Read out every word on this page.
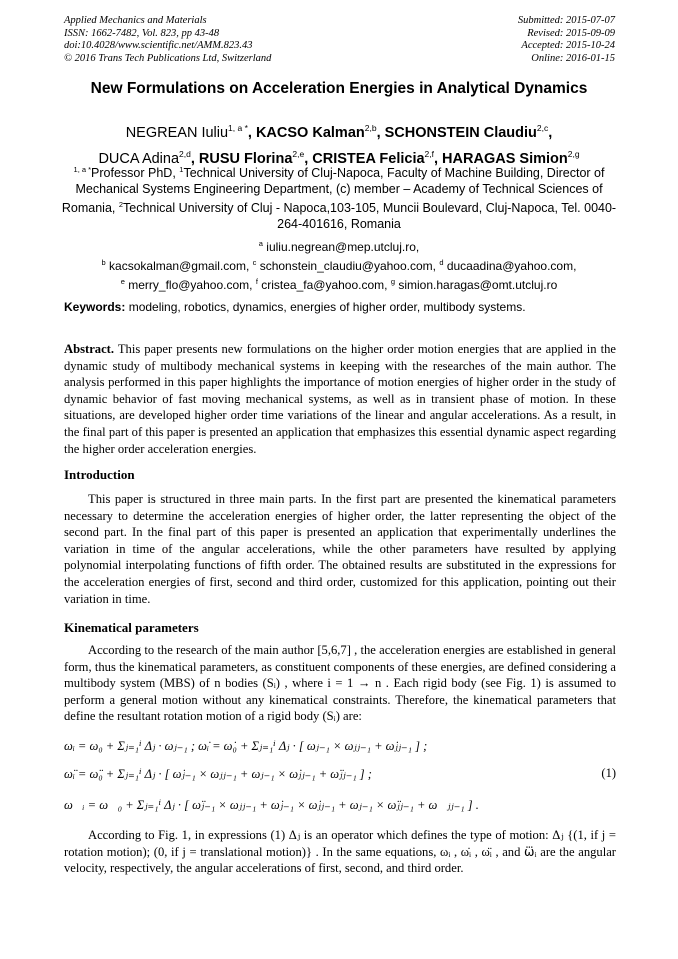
Applied Mechanics and Materials
ISSN: 1662-7482, Vol. 823, pp 43-48
doi:10.4028/www.scientific.net/AMM.823.43
© 2016 Trans Tech Publications Ltd, Switzerland
Submitted: 2015-07-07
Revised: 2015-09-09
Accepted: 2015-10-24
Online: 2016-01-15
New Formulations on Acceleration Energies in Analytical Dynamics
NEGREAN Iuliu$^{1, a *}$, KACSO Kalman$^{2,b}$, SCHONSTEIN Claudiu$^{2,c}$,
DUCA Adina$^{2,d}$, RUSU Florina$^{2,e}$, CRISTEA Felicia$^{2,f}$, HARAGAS Simion$^{2,g}$
$^{1, a *}$Professor PhD, $^1$Technical University of Cluj-Napoca, Faculty of Machine Building, Director of Mechanical Systems Engineering Department, (c) member – Academy of Technical Sciences of Romania, $^2$Technical University of Cluj - Napoca,103-105, Muncii Boulevard, Cluj-Napoca, Tel. 0040-264-401616, Romania
$^a$ iuliu.negrean@mep.utcluj.ro,
$^b$ kacsokalman@gmail.com, $^c$ schonstein_claudiu@yahoo.com, $^d$ ducaadina@yahoo.com,
$^e$ merry_flo@yahoo.com, $^f$ cristea_fa@yahoo.com, $^g$ simion.haragas@omt.utcluj.ro
Keywords: modeling, robotics, dynamics, energies of higher order, multibody systems.
Abstract. This paper presents new formulations on the higher order motion energies that are applied in the dynamic study of multibody mechanical systems in keeping with the researches of the main author. The analysis performed in this paper highlights the importance of motion energies of higher order in the study of dynamic behavior of fast moving mechanical systems, as well as in transient phase of motion. In these situations, are developed higher order time variations of the linear and angular accelerations. As a result, in the final part of this paper is presented an application that emphasizes this essential dynamic aspect regarding the higher order acceleration energies.
Introduction
This paper is structured in three main parts. In the first part are presented the kinematical parameters necessary to determine the acceleration energies of higher order, the latter representing the object of the second part. In the final part of this paper is presented an application that experimentally underlines the variation in time of the angular accelerations, while the other parameters have resulted by applying polynomial interpolating functions of fifth order. The obtained results are substituted in the expressions for the acceleration energies of first, second and third order, customized for this application, pointing out their variation in time.
Kinematical parameters
According to the research of the main author [5,6,7] , the acceleration energies are established in general form, thus the kinematical parameters, as constituent components of these energies, are defined considering a multibody system (MBS) of n bodies (Sᵢ) , where i = 1 → n . Each rigid body (see Fig. 1) is assumed to perform a general motion without any kinematical constraints. Therefore, the kinematical parameters that define the resultant rotation motion of a rigid body (Sᵢ) are:
ωᵢ = ω₀ + Σⱼ₌₁ⁱ Δⱼ · ωⱼ₋₁ ; ω̇ᵢ = ω̇₀ + Σⱼ₌₁ⁱ Δⱼ · [ ωⱼ₋₁ × ωⱼⱼ₋₁ + ω̇ⱼⱼ₋₁ ] ;
ω̈ᵢ = ω̈₀ + Σⱼ₌₁ⁱ Δⱼ · [ ω̇ⱼ₋₁ × ωⱼⱼ₋₁ + ωⱼ₋₁ × ω̇ⱼⱼ₋₁ + ω̈ⱼⱼ₋₁ ] ;	(1)
ω⃛ᵢ = ω⃛₀ + Σⱼ₌₁ⁱ Δⱼ · [ ω̈ⱼ₋₁ × ωⱼⱼ₋₁ + ω̇ⱼ₋₁ × ω̇ⱼⱼ₋₁ + ωⱼ₋₁ × ω̈ⱼⱼ₋₁ + ω⃛ⱼⱼ₋₁ ] .
According to Fig. 1, in expressions (1) Δⱼ is an operator which defines the type of motion: Δⱼ {(1, if j = rotation motion); (0, if j = translational motion)} . In the same equations, ωᵢ , ω̇ᵢ , ω̈ᵢ , and ω⃛ᵢ are the angular velocity, respectively, the angular accelerations of first, second, and third order.
